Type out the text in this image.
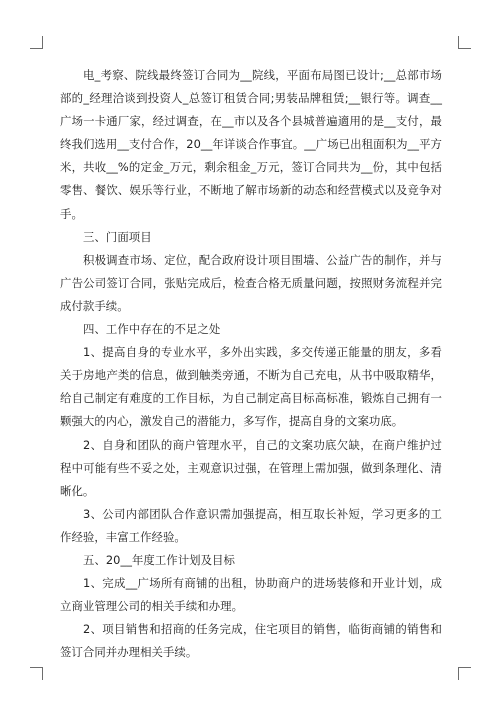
电_考察、院线最终签订合同为__院线，平面布局图已设计;__总部市场部的_经理洽谈到投资人_总签订租赁合同;男装品牌租赁;__银行等。调查__广场一卡通厂家，经过调查，在__市以及各个县城普遍適用的是__支付，最终我们选用__支付合作，20__年详谈合作事宜。__广场已出租面积为__平方米，共收__%的定金_万元，剩余租金_万元，签订合同共为__份，其中包括零售、餐饮、娱乐等行业，不断地了解市场新的动态和经营模式以及竞争对手。

三、门面项目

积极调查市场、定位，配合政府设计项目围墙、公益广告的制作，并与广告公司签订合同，张贴完成后，检查合格无质量问题，按照财务流程并完成付款手续。

四、工作中存在的不足之处

1、提高自身的专业水平，多外出实践，多交传递正能量的朋友，多看关于房地产类的信息，做到触类旁通，不断为自己充电，从书中吸取精华，给自己制定有难度的工作目标，为自己制定高目标高标准，锻炼自己拥有一颗强大的内心，激发自己的潜能力，多写作，提高自身的文案功底。

2、自身和团队的商户管理水平，自己的文案功底欠缺，在商户维护过程中可能有些不妥之处，主观意识过强，在管理上需加强，做到条理化、清晰化。

3、公司内部团队合作意识需加强提高，相互取长补短，学习更多的工作经验，丰富工作经验。

五、20__年度工作计划及目标

1、完成__广场所有商铺的出租，协助商户的进场装修和开业计划，成立商业管理公司的相关手续和办理。

2、项目销售和招商的任务完成，住宅项目的销售，临街商铺的销售和签订合同并办理相关手续。
